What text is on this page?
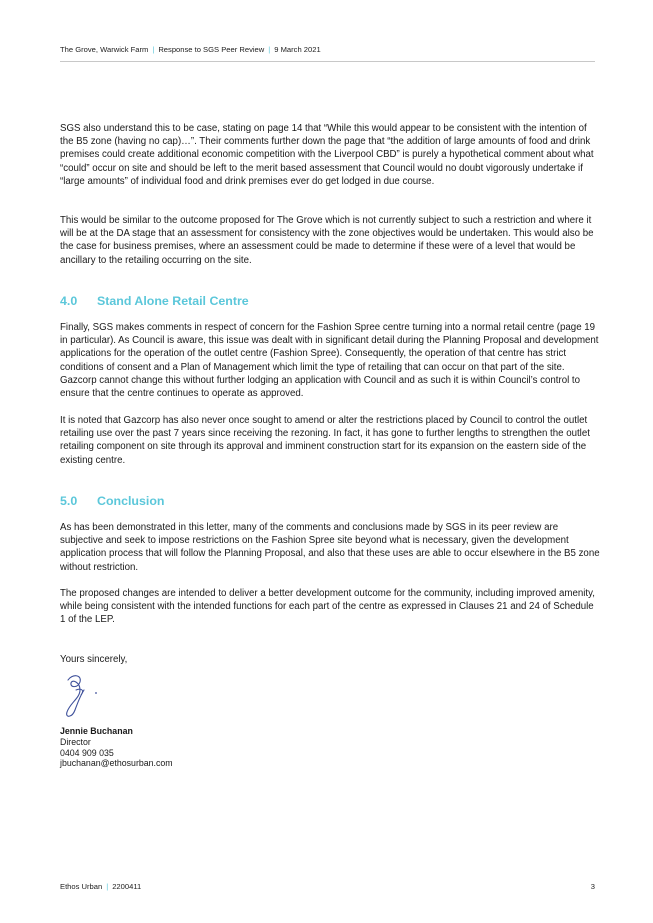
The Grove, Warwick Farm | Response to SGS Peer Review | 9 March 2021

SGS also understand this to be case, stating on page 14 that “While this would appear to be consistent with the intention of the B5 zone (having no cap)…”. Their comments further down the page that “the addition of large amounts of food and drink premises could create additional economic competition with the Liverpool CBD” is purely a hypothetical comment about what “could” occur on site and should be left to the merit based assessment that Council would no doubt vigorously undertake if “large amounts” of individual food and drink premises ever do get lodged in due course.

This would be similar to the outcome proposed for The Grove which is not currently subject to such a restriction and where it will be at the DA stage that an assessment for consistency with the zone objectives would be undertaken. This would also be the case for business premises, where an assessment could be made to determine if these were of a level that would be ancillary to the retailing occurring on the site.

4.0 Stand Alone Retail Centre

Finally, SGS makes comments in respect of concern for the Fashion Spree centre turning into a normal retail centre (page 19 in particular). As Council is aware, this issue was dealt with in significant detail during the Planning Proposal and development applications for the operation of the outlet centre (Fashion Spree). Consequently, the operation of that centre has strict conditions of consent and a Plan of Management which limit the type of retailing that can occur on that part of the site. Gazcorp cannot change this without further lodging an application with Council and as such it is within Council’s control to ensure that the centre continues to operate as approved.

It is noted that Gazcorp has also never once sought to amend or alter the restrictions placed by Council to control the outlet retailing use over the past 7 years since receiving the rezoning. In fact, it has gone to further lengths to strengthen the outlet retailing component on site through its approval and imminent construction start for its expansion on the eastern side of the existing centre.

5.0 Conclusion

As has been demonstrated in this letter, many of the comments and conclusions made by SGS in its peer review are subjective and seek to impose restrictions on the Fashion Spree site beyond what is necessary, given the development application process that will follow the Planning Proposal, and also that these uses are able to occur elsewhere in the B5 zone without restriction.

The proposed changes are intended to deliver a better development outcome for the community, including improved amenity, while being consistent with the intended functions for each part of the centre as expressed in Clauses 21 and 24 of Schedule 1 of the LEP.

Yours sincerely,
Jennie Buchanan
Director
0404 909 035
jbuchanan@ethosurban.com
Ethos Urban | 2200411	3
